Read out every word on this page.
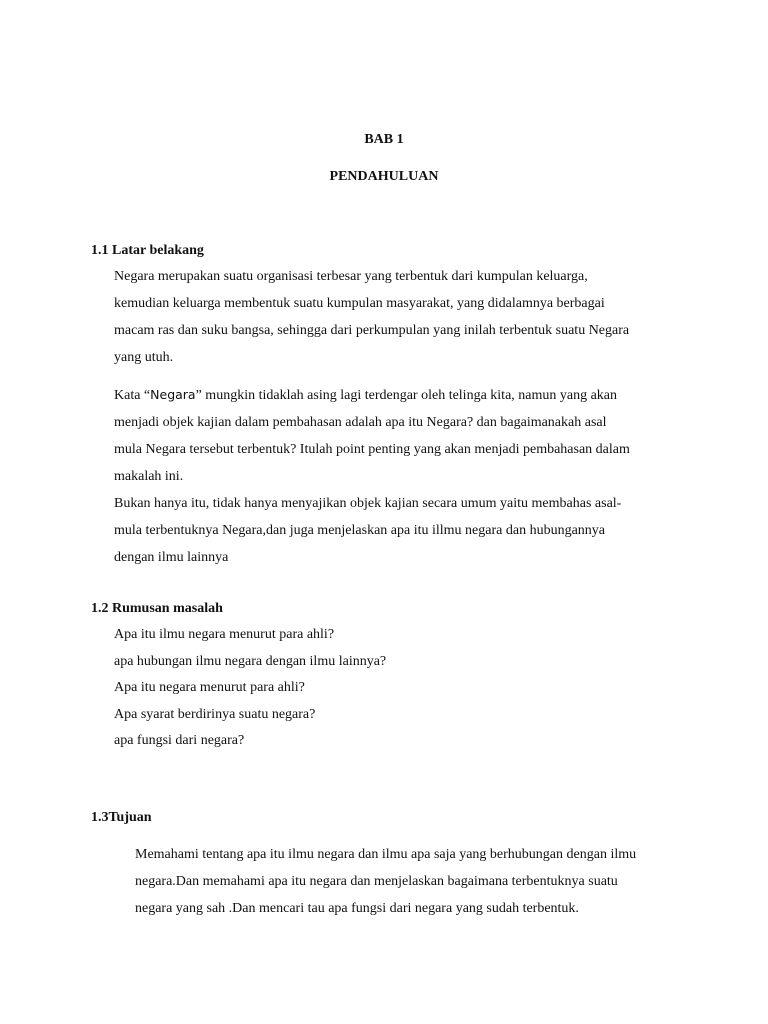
BAB 1
PENDAHULUAN
1.1 Latar belakang
Negara merupakan suatu organisasi terbesar yang terbentuk dari kumpulan keluarga,
kemudian keluarga membentuk suatu kumpulan masyarakat, yang didalamnya berbagai
macam ras dan suku bangsa, sehingga dari perkumpulan yang inilah terbentuk suatu Negara
yang utuh.
Kata “Negara” mungkin tidaklah asing lagi terdengar oleh telinga kita, namun yang akan
menjadi objek kajian dalam pembahasan adalah apa itu Negara? dan bagaimanakah asal
mula Negara tersebut terbentuk? Itulah point penting yang akan menjadi pembahasan dalam
makalah ini.
Bukan hanya itu, tidak hanya menyajikan objek kajian secara umum yaitu membahas asal-
mula terbentuknya Negara,dan juga menjelaskan apa itu illmu negara dan hubungannya
dengan ilmu lainnya
1.2 Rumusan masalah
Apa itu ilmu negara menurut para ahli?
apa hubungan ilmu negara dengan ilmu lainnya?
Apa itu negara menurut para ahli?
Apa syarat berdirinya suatu negara?
apa fungsi dari negara?
1.3Tujuan
Memahami tentang apa itu ilmu negara dan ilmu apa saja yang berhubungan dengan ilmu
negara.Dan memahami apa itu negara dan menjelaskan bagaimana terbentuknya suatu
negara yang sah .Dan mencari tau apa fungsi dari negara yang sudah terbentuk.
